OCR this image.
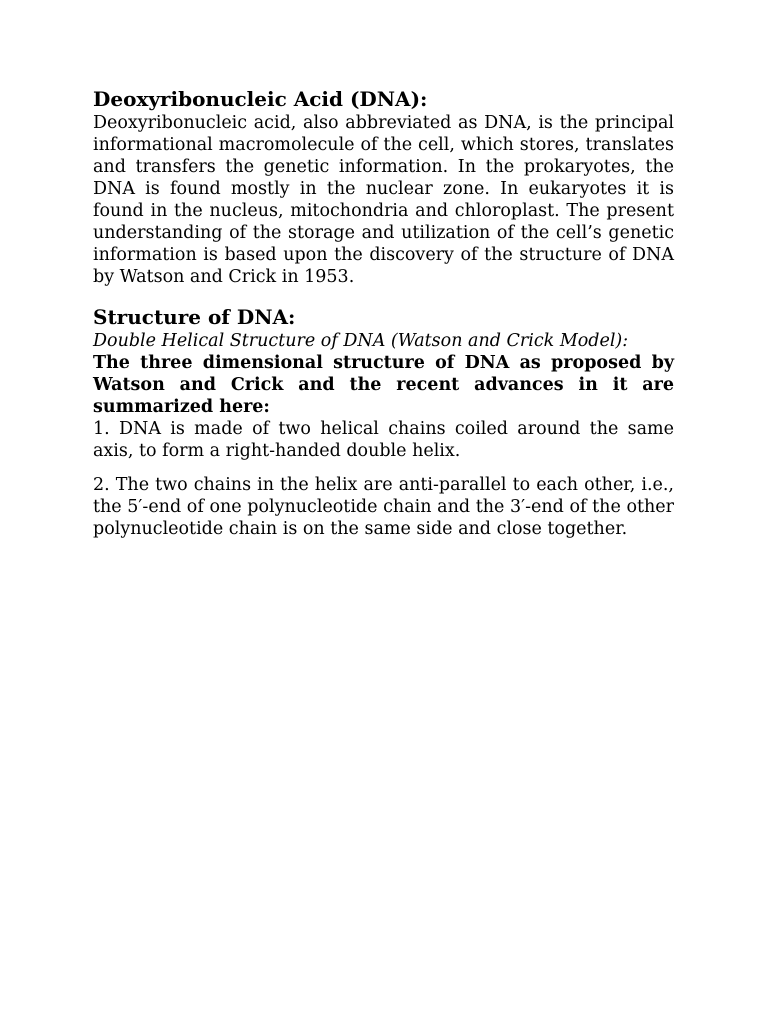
Deoxyribonucleic Acid (DNA):

Deoxyribonucleic acid, also abbreviated as DNA, is the principal informational macromolecule of the cell, which stores, translates and transfers the genetic information. In the prokaryotes, the DNA is found mostly in the nuclear zone. In eukaryotes it is found in the nucleus, mitochondria and chloroplast. The present understanding of the storage and utilization of the cell’s genetic information is based upon the discovery of the structure of DNA by Watson and Crick in 1953.

Structure of DNA:

Double Helical Structure of DNA (Watson and Crick Model):

The three dimensional structure of DNA as proposed by Watson and Crick and the recent advances in it are summarized here:

1. DNA is made of two helical chains coiled around the same axis, to form a right-handed double helix.

2. The two chains in the helix are anti-parallel to each other, i.e., the 5′-end of one polynucleotide chain and the 3′-end of the other polynucleotide chain is on the same side and close together.
